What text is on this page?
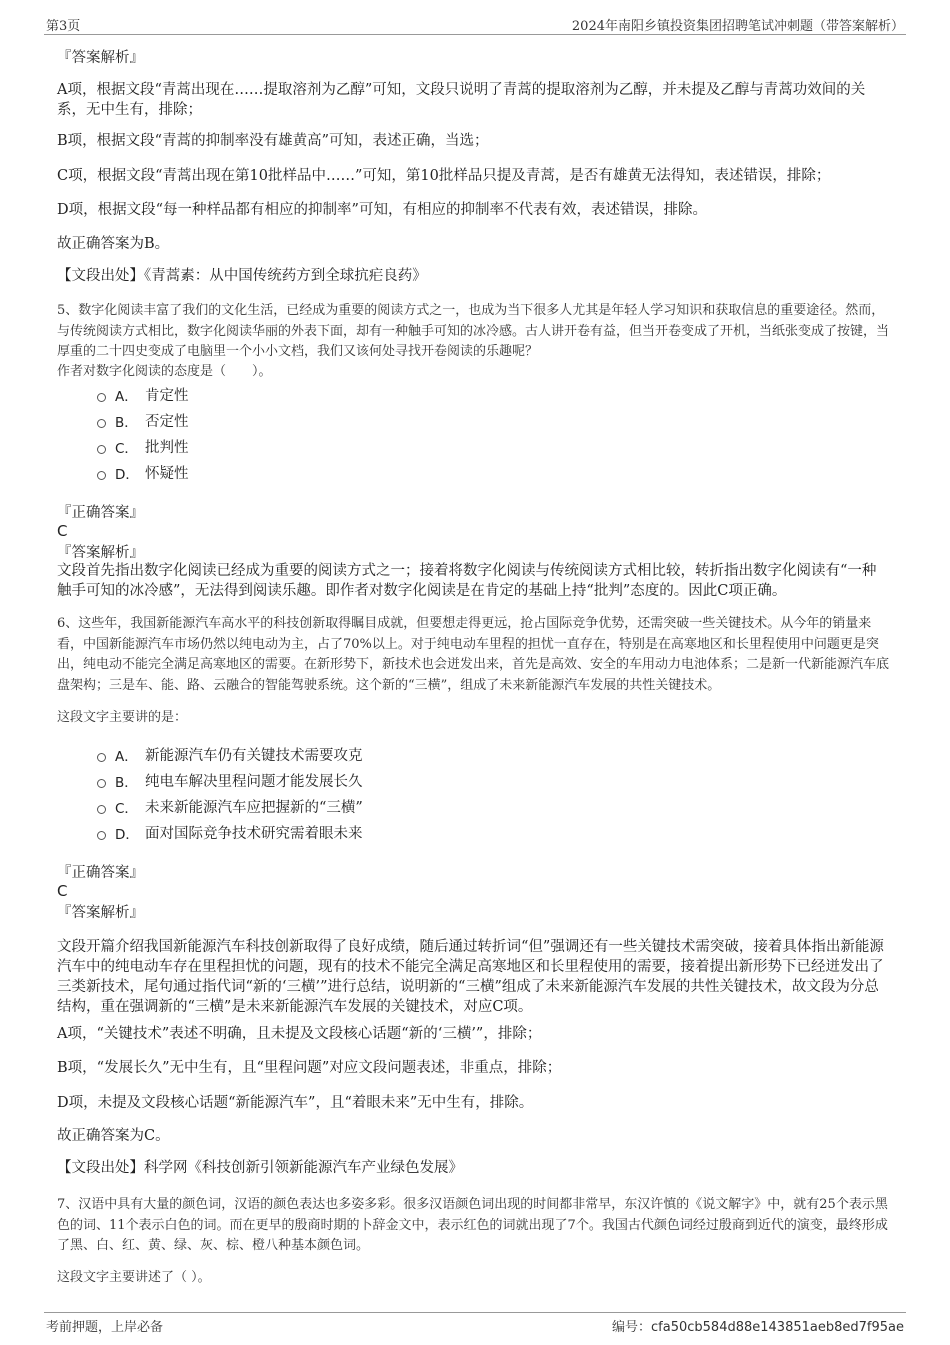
第3页	2024年南阳乡镇投资集团招聘笔试冲刺题（带答案解析）

『答案解析』

A项，根据文段“青蒿出现在……提取溶剂为乙醇”可知，文段只说明了青蒿的提取溶剂为乙醇，并未提及乙醇与青蒿功效间的关系，无中生有，排除；

B项，根据文段“青蒿的抑制率没有雄黄高”可知，表述正确，当选；

C项，根据文段“青蒿出现在第10批样品中……”可知，第10批样品只提及青蒿，是否有雄黄无法得知，表述错误，排除；

D项，根据文段“每一种样品都有相应的抑制率”可知，有相应的抑制率不代表有效，表述错误，排除。

故正确答案为B。

【文段出处】《青蒿素：从中国传统药方到全球抗疟良药》

5、数字化阅读丰富了我们的文化生活，已经成为重要的阅读方式之一，也成为当下很多人尤其是年轻人学习知识和获取信息的重要途径。然而，与传统阅读方式相比，数字化阅读华丽的外表下面，却有一种触手可知的冰冷感。古人讲开卷有益，但当开卷变成了开机，当纸张变成了按键，当厚重的二十四史变成了电脑里一个小小文档，我们又该何处寻找开卷阅读的乐趣呢？

作者对数字化阅读的态度是（　　）。

A． 肯定性
B． 否定性
C． 批判性
D． 怀疑性

『正确答案』

C

『答案解析』

文段首先指出数字化阅读已经成为重要的阅读方式之一；接着将数字化阅读与传统阅读方式相比较，转折指出数字化阅读有“一种触手可知的冰冷感”，无法得到阅读乐趣。即作者对数字化阅读是在肯定的基础上持“批判”态度的。因此C项正确。

6、这些年，我国新能源汽车高水平的科技创新取得瞩目成就，但要想走得更远，抢占国际竞争优势，还需突破一些关键技术。从今年的销量来看，中国新能源汽车市场仍然以纯电动为主，占了70%以上。对于纯电动车里程的担忧一直存在，特别是在高寒地区和长里程使用中问题更是突出，纯电动不能完全满足高寒地区的需要。在新形势下，新技术也会迸发出来，首先是高效、安全的车用动力电池体系；二是新一代新能源汽车底盘架构；三是车、能、路、云融合的智能驾驶系统。这个新的“三横”，组成了未来新能源汽车发展的共性关键技术。

这段文字主要讲的是：

A． 新能源汽车仍有关键技术需要攻克
B． 纯电车解决里程问题才能发展长久
C． 未来新能源汽车应把握新的“三横”
D． 面对国际竞争技术研究需着眼未来

『正确答案』

C

『答案解析』

文段开篇介绍我国新能源汽车科技创新取得了良好成绩，随后通过转折词“但”强调还有一些关键技术需突破，接着具体指出新能源汽车中的纯电动车存在里程担忧的问题，现有的技术不能完全满足高寒地区和长里程使用的需要，接着提出新形势下已经迸发出了三类新技术，尾句通过指代词“新的‘三横’”进行总结，说明新的“三横”组成了未来新能源汽车发展的共性关键技术，故文段为分总结构，重在强调新的“三横”是未来新能源汽车发展的关键技术，对应C项。

A项，“关键技术”表述不明确，且未提及文段核心话题“新的‘三横’”，排除；

B项，“发展长久”无中生有，且“里程问题”对应文段问题表述，非重点，排除；

D项，未提及文段核心话题“新能源汽车”，且“着眼未来”无中生有，排除。

故正确答案为C。

【文段出处】科学网《科技创新引领新能源汽车产业绿色发展》

7、汉语中具有大量的颜色词，汉语的颜色表达也多姿多彩。很多汉语颜色词出现的时间都非常早，东汉许慎的《说文解字》中，就有25个表示黑色的词、11个表示白色的词。而在更早的殷商时期的卜辞金文中，表示红色的词就出现了7个。我国古代颜色词经过殷商到近代的演变，最终形成了黑、白、红、黄、绿、灰、棕、橙八种基本颜色词。

这段文字主要讲述了（ ）。

考前押题，上岸必备	编号：cfa50cb584d88e143851aeb8ed7f95ae
